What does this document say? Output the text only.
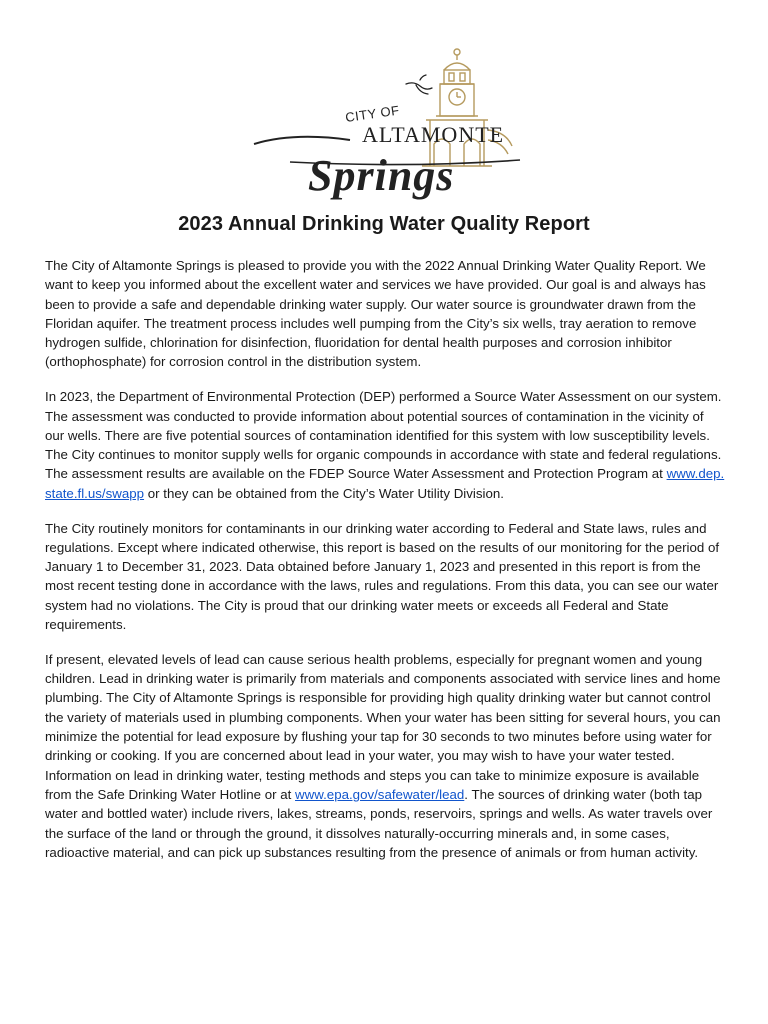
CITY OF
ALTAMONTE
Springs
2023 Annual Drinking Water Quality Report

The City of Altamonte Springs is pleased to provide you with the 2022 Annual Drinking Water Quality Report. We want to keep you informed about the excellent water and services we have provided. Our goal is and always has been to provide a safe and dependable drinking water supply. Our water source is groundwater drawn from the Floridan aquifer. The treatment process includes well pumping from the City’s six wells, tray aeration to remove hydrogen sulfide, chlorination for disinfection, fluoridation for dental health purposes and corrosion inhibitor (orthophosphate) for corrosion control in the distribution system.

In 2023, the Department of Environmental Protection (DEP) performed a Source Water Assessment on our system. The assessment was conducted to provide information about potential sources of contamination in the vicinity of our wells. There are five potential sources of contamination identified for this system with low susceptibility levels. The City continues to monitor supply wells for organic compounds in accordance with state and federal regulations. The assessment results are available on the FDEP Source Water Assessment and Protection Program at www.dep. state.fl.us/swapp or they can be obtained from the City’s Water Utility Division.

The City routinely monitors for contaminants in our drinking water according to Federal and State laws, rules and regulations. Except where indicated otherwise, this report is based on the results of our monitoring for the period of January 1 to December 31, 2023. Data obtained before January 1, 2023 and presented in this report is from the most recent testing done in accordance with the laws, rules and regulations. From this data, you can see our water system had no violations. The City is proud that our drinking water meets or exceeds all Federal and State requirements.

If present, elevated levels of lead can cause serious health problems, especially for pregnant women and young children. Lead in drinking water is primarily from materials and components associated with service lines and home plumbing. The City of Altamonte Springs is responsible for providing high quality drinking water but cannot control the variety of materials used in plumbing components. When your water has been sitting for several hours, you can minimize the potential for lead exposure by flushing your tap for 30 seconds to two minutes before using water for drinking or cooking. If you are concerned about lead in your water, you may wish to have your water tested. Information on lead in drinking water, testing methods and steps you can take to minimize exposure is available from the Safe Drinking Water Hotline or at www.epa.gov/safewater/lead. The sources of drinking water (both tap water and bottled water) include rivers, lakes, streams, ponds, reservoirs, springs and wells. As water travels over the surface of the land or through the ground, it dissolves naturally-occurring minerals and, in some cases, radioactive material, and can pick up substances resulting from the presence of animals or from human activity.
